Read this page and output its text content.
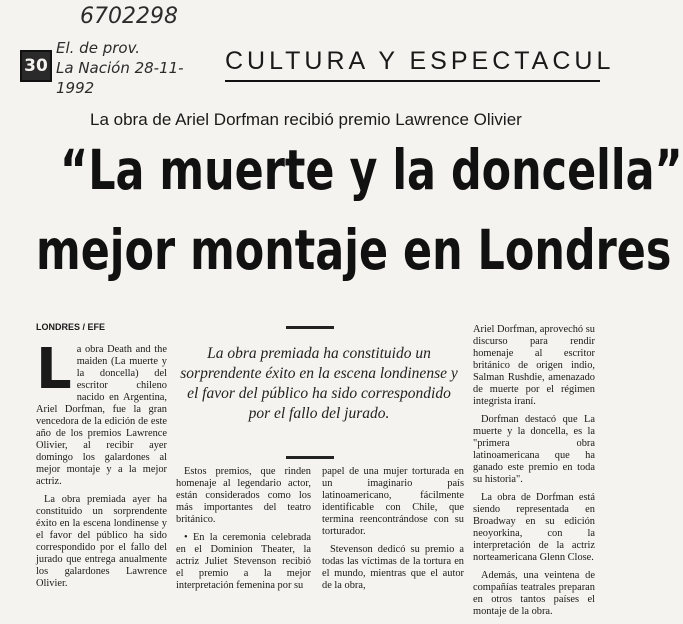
6702298
30
El. de prov.
La Nación 28-11-1992
CULTURA Y ESPECTACUL
La obra de Ariel Dorfman recibió premio Lawrence Olivier
“La muerte y la doncella”
mejor montaje en Londres
LONDRES / EFE
L a obra Death and the maiden (La muerte y la doncella) del escritor chileno nacido en Argentina, Ariel Dorfman, fue la gran vencedora de la edición de este año de los premios Lawrence Olivier, al recibir ayer domingo los galardones al mejor montaje y a la mejor actriz.

La obra premiada ayer ha constituido un sorprendente éxito en la escena londinense y el favor del público ha sido correspondido por el fallo del jurado que entrega anualmente los galardones Lawrence Olivier.

La obra premiada ha constituido un sorprendente éxito en la escena londinense y el favor del público ha sido correspondido por el fallo del jurado.

Estos premios, que rinden homenaje al legendario actor, están considerados como los más importantes del teatro británico.

• En la ceremonia celebrada en el Dominion Theater, la actriz Juliet Stevenson recibió el premio a la mejor interpretación femenina por su

papel de una mujer torturada en un imaginario país latinoamericano, fácilmente identificable con Chile, que termina reencontrándose con su torturador.

Stevenson dedicó su premio a todas las víctimas de la tortura en el mundo, mientras que el autor de la obra,

Ariel Dorfman, aprovechó su discurso para rendir homenaje al escritor británico de origen indio, Salman Rushdie, amenazado de muerte por el régimen integrista iraní.

Dorfman destacó que La muerte y la doncella, es la "primera obra latinoamericana que ha ganado este premio en toda su historia".

La obra de Dorfman está siendo representada en Broadway en su edición neoyorkina, con la interpretación de la actriz norteamericana Glenn Close.

Además, una veintena de compañías teatrales preparan en otros tantos países el montaje de la obra.
